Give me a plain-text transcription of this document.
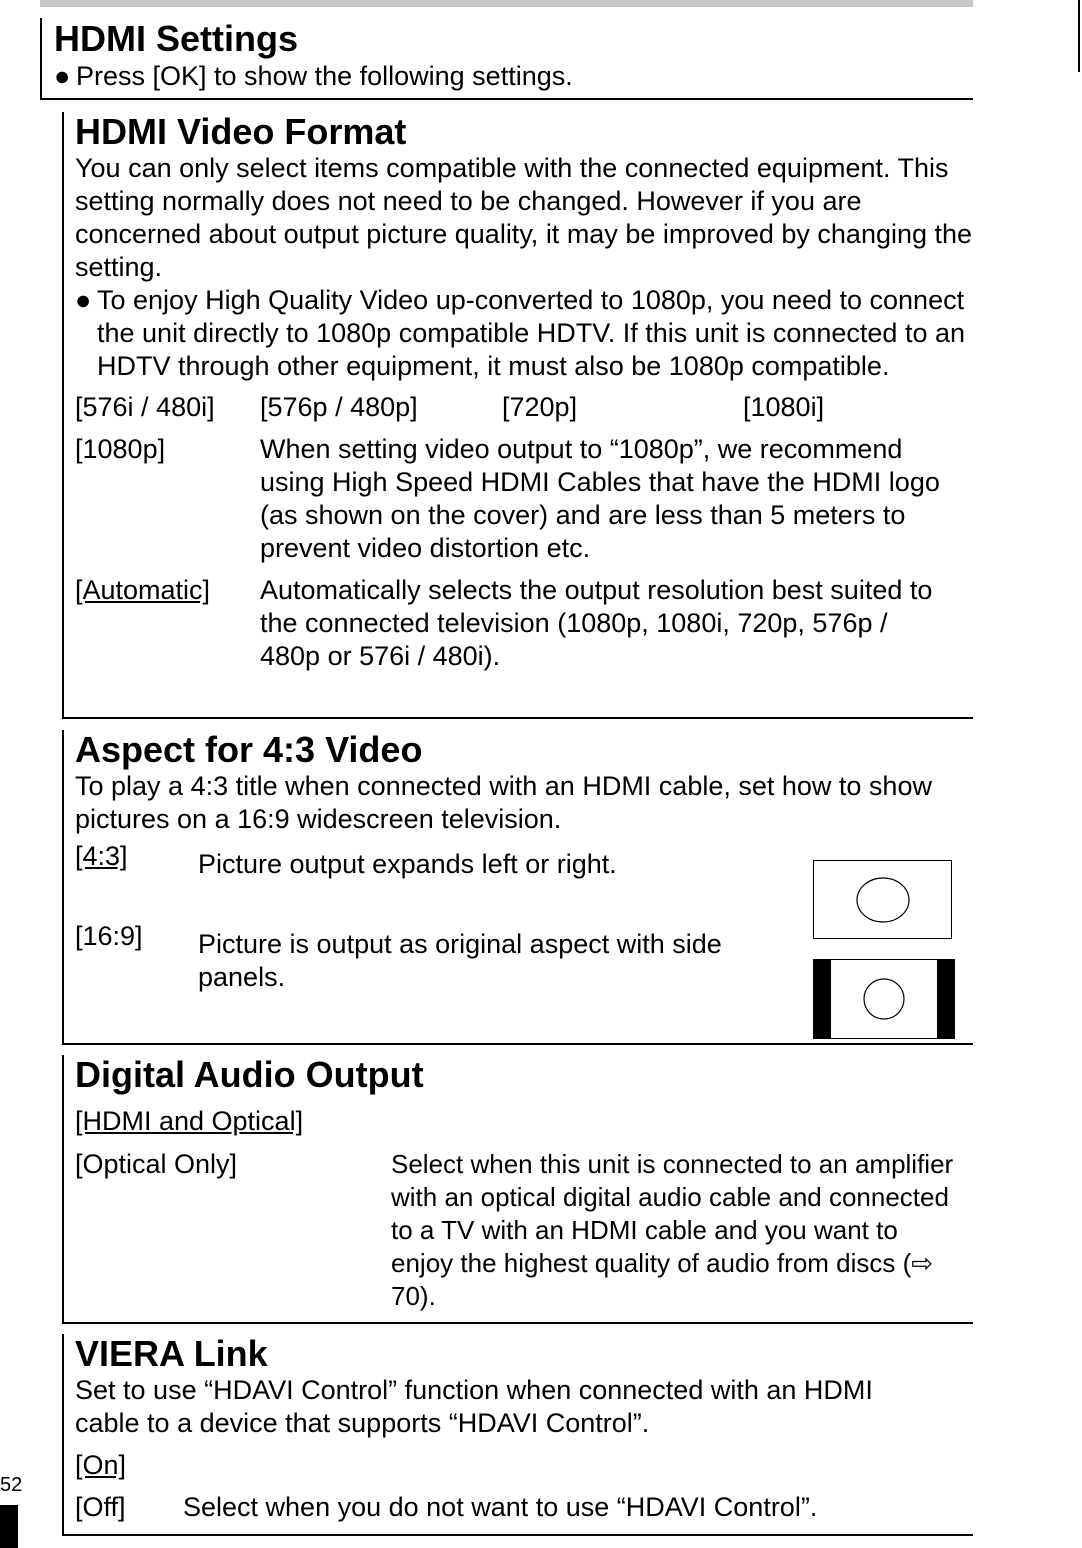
HDMI Settings
● Press [OK] to show the following settings.
HDMI Video Format

You can only select items compatible with the connected equipment. This setting normally does not need to be changed. However if you are concerned about output picture quality, it may be improved by changing the setting.

● To enjoy High Quality Video up-converted to 1080p, you need to connect the unit directly to 1080p compatible HDTV. If this unit is connected to an HDTV through other equipment, it must also be 1080p compatible.
[576i / 480i]	[576p / 480p]	[720p]	[1080i]
[1080p]	When setting video output to “1080p”, we recommend using High Speed HDMI Cables that have the HDMI logo (as shown on the cover) and are less than 5 meters to prevent video distortion etc.
[Automatic]	Automatically selects the output resolution best suited to the connected television (1080p, 1080i, 720p, 576p / 480p or 576i / 480i).
Aspect for 4:3 Video

To play a 4:3 title when connected with an HDMI cable, set how to show pictures on a 16:9 widescreen television.

[4:3]	Picture output expands left or right.
[16:9]	Picture is output as original aspect with side panels.
Digital Audio Output
[HDMI and Optical]
[Optical Only]	Select when this unit is connected to an amplifier with an optical digital audio cable and connected to a TV with an HDMI cable and you want to enjoy the highest quality of audio from discs (⇨ 70).
VIERA Link

Set to use “HDAVI Control” function when connected with an HDMI cable to a device that supports “HDAVI Control”.

[On]
[Off]	Select when you do not want to use “HDAVI Control”.
52
